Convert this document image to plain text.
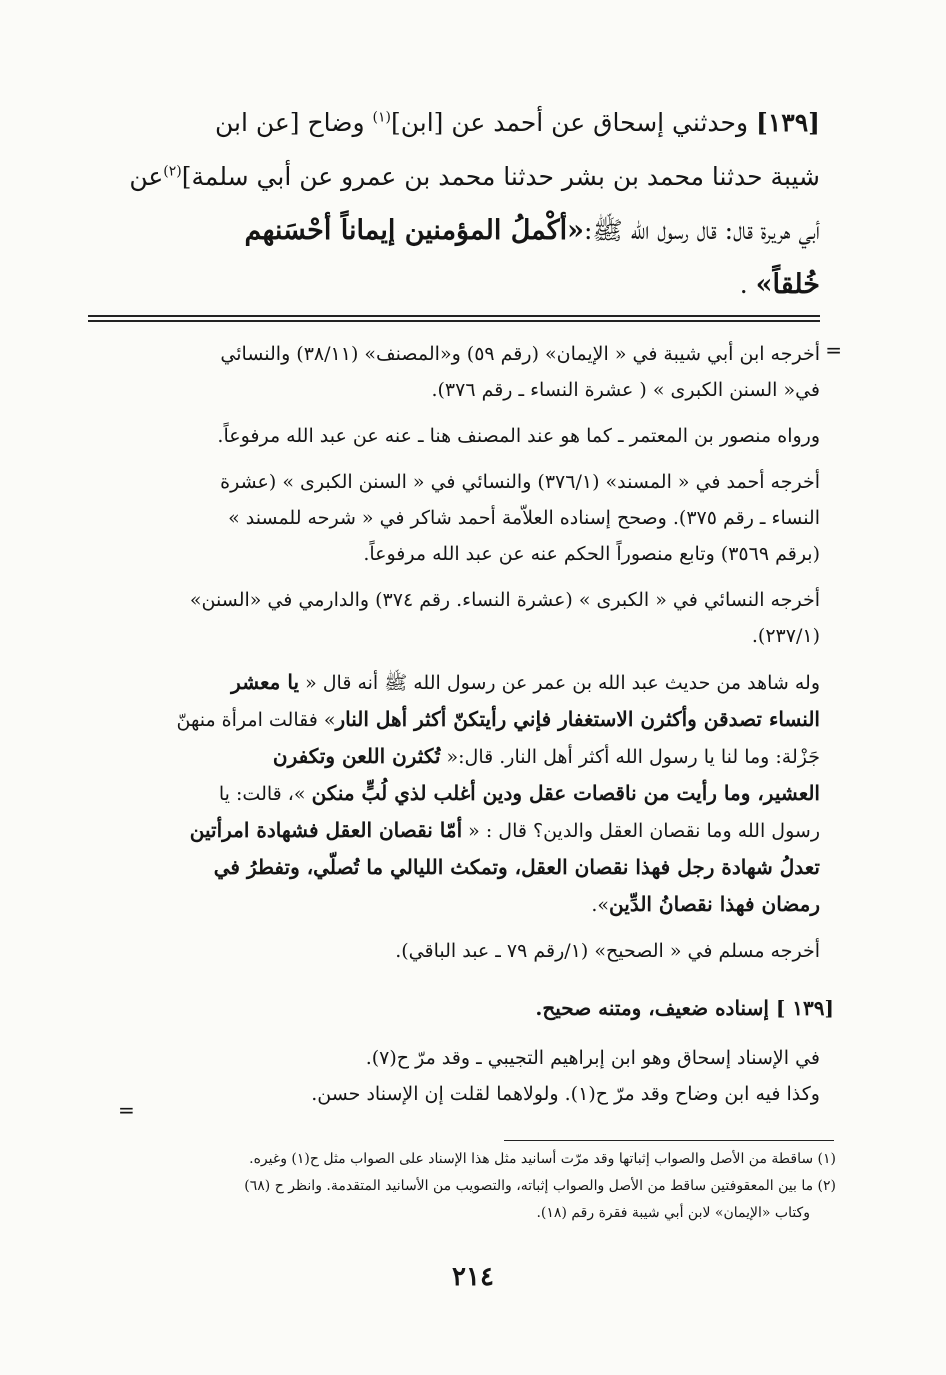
[١٣٩] وحدثني إسحاق عن أحمد عن [ابن]$^{(١)}$ وضاح [عن ابن
شيبة حدثنا محمد بن بشر حدثنا محمد بن عمرو عن أبي سلمة]$^{(٢)}$عن
أبي هريرة قال: قال رسول الله ﷺ:«أكْملُ المؤمنين إيماناً أحْسَنهم
خُلقاً» .
=

أخرجه ابن أبي شيبة في « الإيمان» (رقم ٥٩) و«المصنف» (٣٨/١١) والنسائي
في« السنن الكبرى » ( عشرة النساء ـ رقم ٣٧٦).

ورواه منصور بن المعتمر ـ كما هو عند المصنف هنا ـ عنه عن عبد الله مرفوعاً.

أخرجه أحمد في « المسند» (٣٧٦/١) والنسائي في « السنن الكبرى » (عشرة
النساء ـ رقم ٣٧٥). وصحح إسناده العلاّمة أحمد شاكر في « شرحه للمسند »
(برقم ٣٥٦٩) وتابع منصوراً الحكم عنه عن عبد الله مرفوعاً.

أخرجه النسائي في « الكبرى » (عشرة النساء. رقم ٣٧٤) والدارمي في «السنن»
(٢٣٧/١).

وله شاهد من حديث عبد الله بن عمر عن رسول الله ﷺ أنه قال « يا معشر
النساء تصدقن وأكثرن الاستغفار فإني رأيتكنّ أكثر أهل النار» فقالت امرأة منهنّ
جَزْلة: وما لنا يا رسول الله أكثر أهل النار. قال:« تُكثرن اللعن وتكفرن
العشير، وما رأيت من ناقصات عقل ودين أغلب لذي لُبٍّ منكن »، قالت: يا
رسول الله وما نقصان العقل والدين؟ قال : « أمّا نقصان العقل فشهادة امرأتين
تعدلُ شهادة رجل فهذا نقصان العقل، وتمكث الليالي ما تُصلّي، وتفطرُ في
رمضان فهذا نقصانُ الدِّين».

أخرجه مسلم في « الصحيح» (١/رقم ٧٩ ـ عبد الباقي).

[١٣٩ ] إسناده ضعيف، ومتنه صحيح.
في الإسناد إسحاق وهو ابن إبراهيم التجيبي ـ وقد مرّ ح(٧).
وكذا فيه ابن وضاح وقد مرّ ح(١). ولولاهما لقلت إن الإسناد حسن.
=
(١) ساقطة من الأصل والصواب إثباتها وقد مرّت أسانيد مثل هذا الإسناد على الصواب مثل ح(١) وغيره.
(٢) ما بين المعقوفتين ساقط من الأصل والصواب إثباته، والتصويب من الأسانيد المتقدمة. وانظر ح (٦٨)
وكتاب «الإيمان» لابن أبي شيبة فقرة رقم (١٨).
٢١٤
